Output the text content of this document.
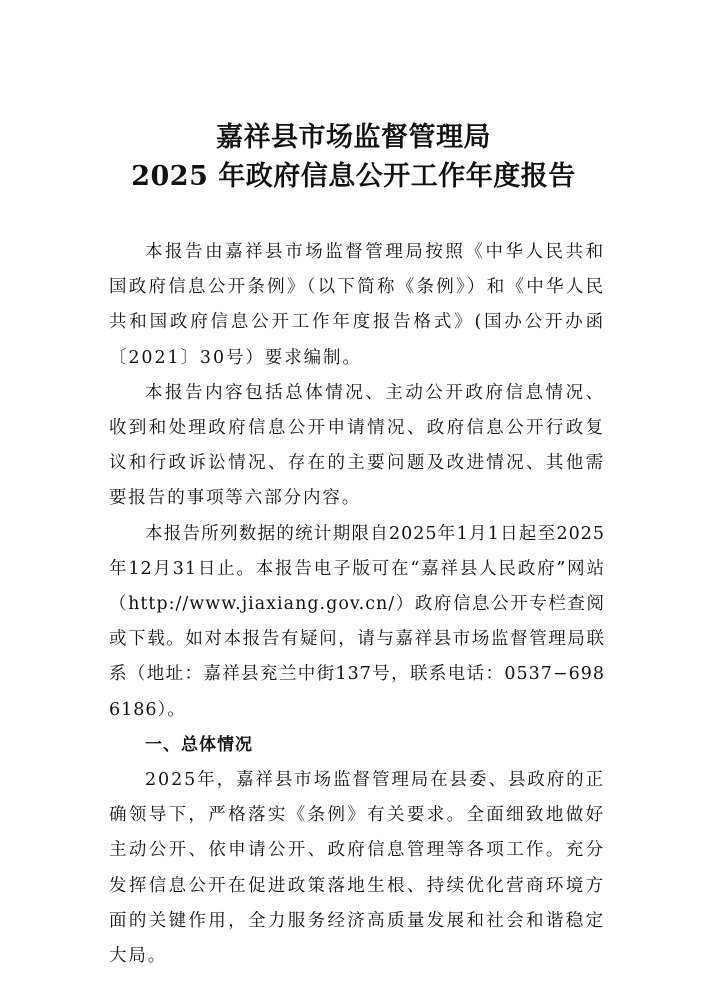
嘉祥县市场监督管理局
2025 年政府信息公开工作年度报告

本报告由嘉祥县市场监督管理局按照《中华人民共和国政府信息公开条例》（以下简称《条例》）和《中华人民共和国政府信息公开工作年度报告格式》(国办公开办函〔2021〕30号）要求编制。

本报告内容包括总体情况、主动公开政府信息情况、收到和处理政府信息公开申请情况、政府信息公开行政复议和行政诉讼情况、存在的主要问题及改进情况、其他需要报告的事项等六部分内容。

本报告所列数据的统计期限自2025年1月1日起至2025年12月31日止。本报告电子版可在“嘉祥县人民政府”网站（http://www.jiaxiang.gov.cn/）政府信息公开专栏查阅或下载。如对本报告有疑问，请与嘉祥县市场监督管理局联系（地址：嘉祥县兖兰中街137号，联系电话：0537−6986186）。

一、总体情况

2025年，嘉祥县市场监督管理局在县委、县政府的正确领导下，严格落实《条例》有关要求。全面细致地做好主动公开、依申请公开、政府信息管理等各项工作。充分发挥信息公开在促进政策落地生根、持续优化营商环境方面的关键作用，全力服务经济高质量发展和社会和谐稳定大局。
